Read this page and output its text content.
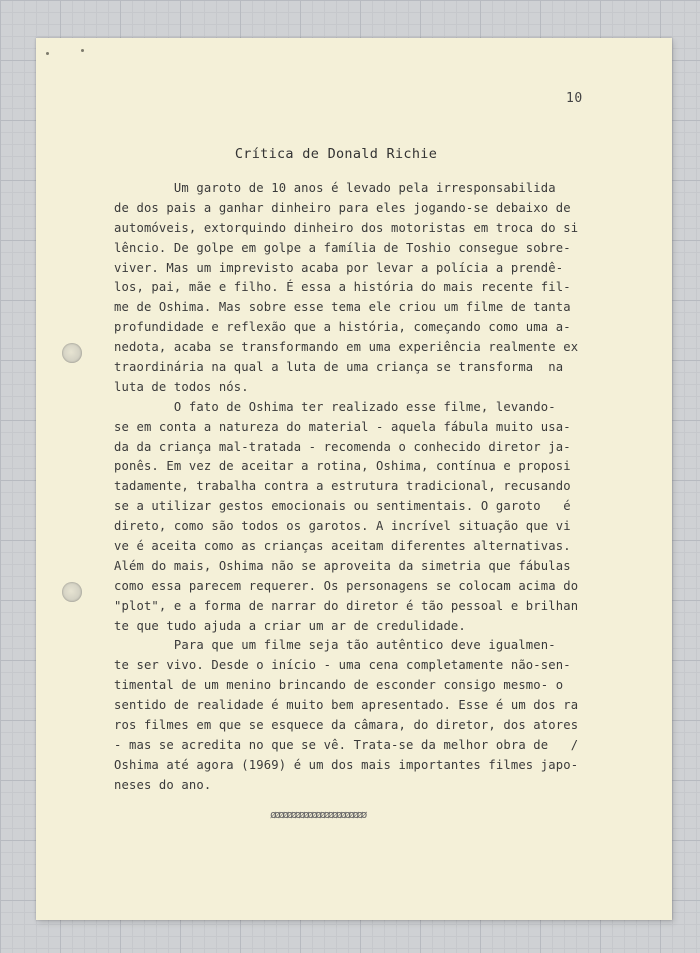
10
Crítica de Donald Richie
Um garoto de 10 anos é levado pela irresponsabilida
de dos pais a ganhar dinheiro para eles jogando-se debaixo de
automóveis, extorquindo dinheiro dos motoristas em troca do si
lêncio. De golpe em golpe a família de Toshio consegue sobre-
viver. Mas um imprevisto acaba por levar a polícia a prendê-
los, pai, mãe e filho. É essa a história do mais recente fil-
me de Oshima. Mas sobre esse tema ele criou um filme de tanta
profundidade e reflexão que a história, começando como uma a-
nedota, acaba se transformando em uma experiência realmente ex
traordinária na qual a luta de uma criança se transforma  na
luta de todos nós.
O fato de Oshima ter realizado esse filme, levando-
se em conta a natureza do material - aquela fábula muito usa-
da da criança mal-tratada - recomenda o conhecido diretor ja-
ponês. Em vez de aceitar a rotina, Oshima, contínua e proposi
tadamente, trabalha contra a estrutura tradicional, recusando
se a utilizar gestos emocionais ou sentimentais. O garoto   é
direto, como são todos os garotos. A incrível situação que vi
ve é aceita como as crianças aceitam diferentes alternativas.
Além do mais, Oshima não se aproveita da simetria que fábulas
como essa parecem requerer. Os personagens se colocam acima do
"plot", e a forma de narrar do diretor é tão pessoal e brilhan
te que tudo ajuda a criar um ar de credulidade.
Para que um filme seja tão autêntico deve igualmen-
te ser vivo. Desde o início - uma cena completamente não-sen-
timental de um menino brincando de esconder consigo mesmo- o
sentido de realidade é muito bem apresentado. Esse é um dos ra
ros filmes em que se esquece da câmara, do diretor, dos atores
- mas se acredita no que se vê. Trata-se da melhor obra de   /
Oshima até agora (1969) é um dos mais importantes filmes japo-
neses do ano.
øøøøøøøøøøøøøøøøøøøøøøø
